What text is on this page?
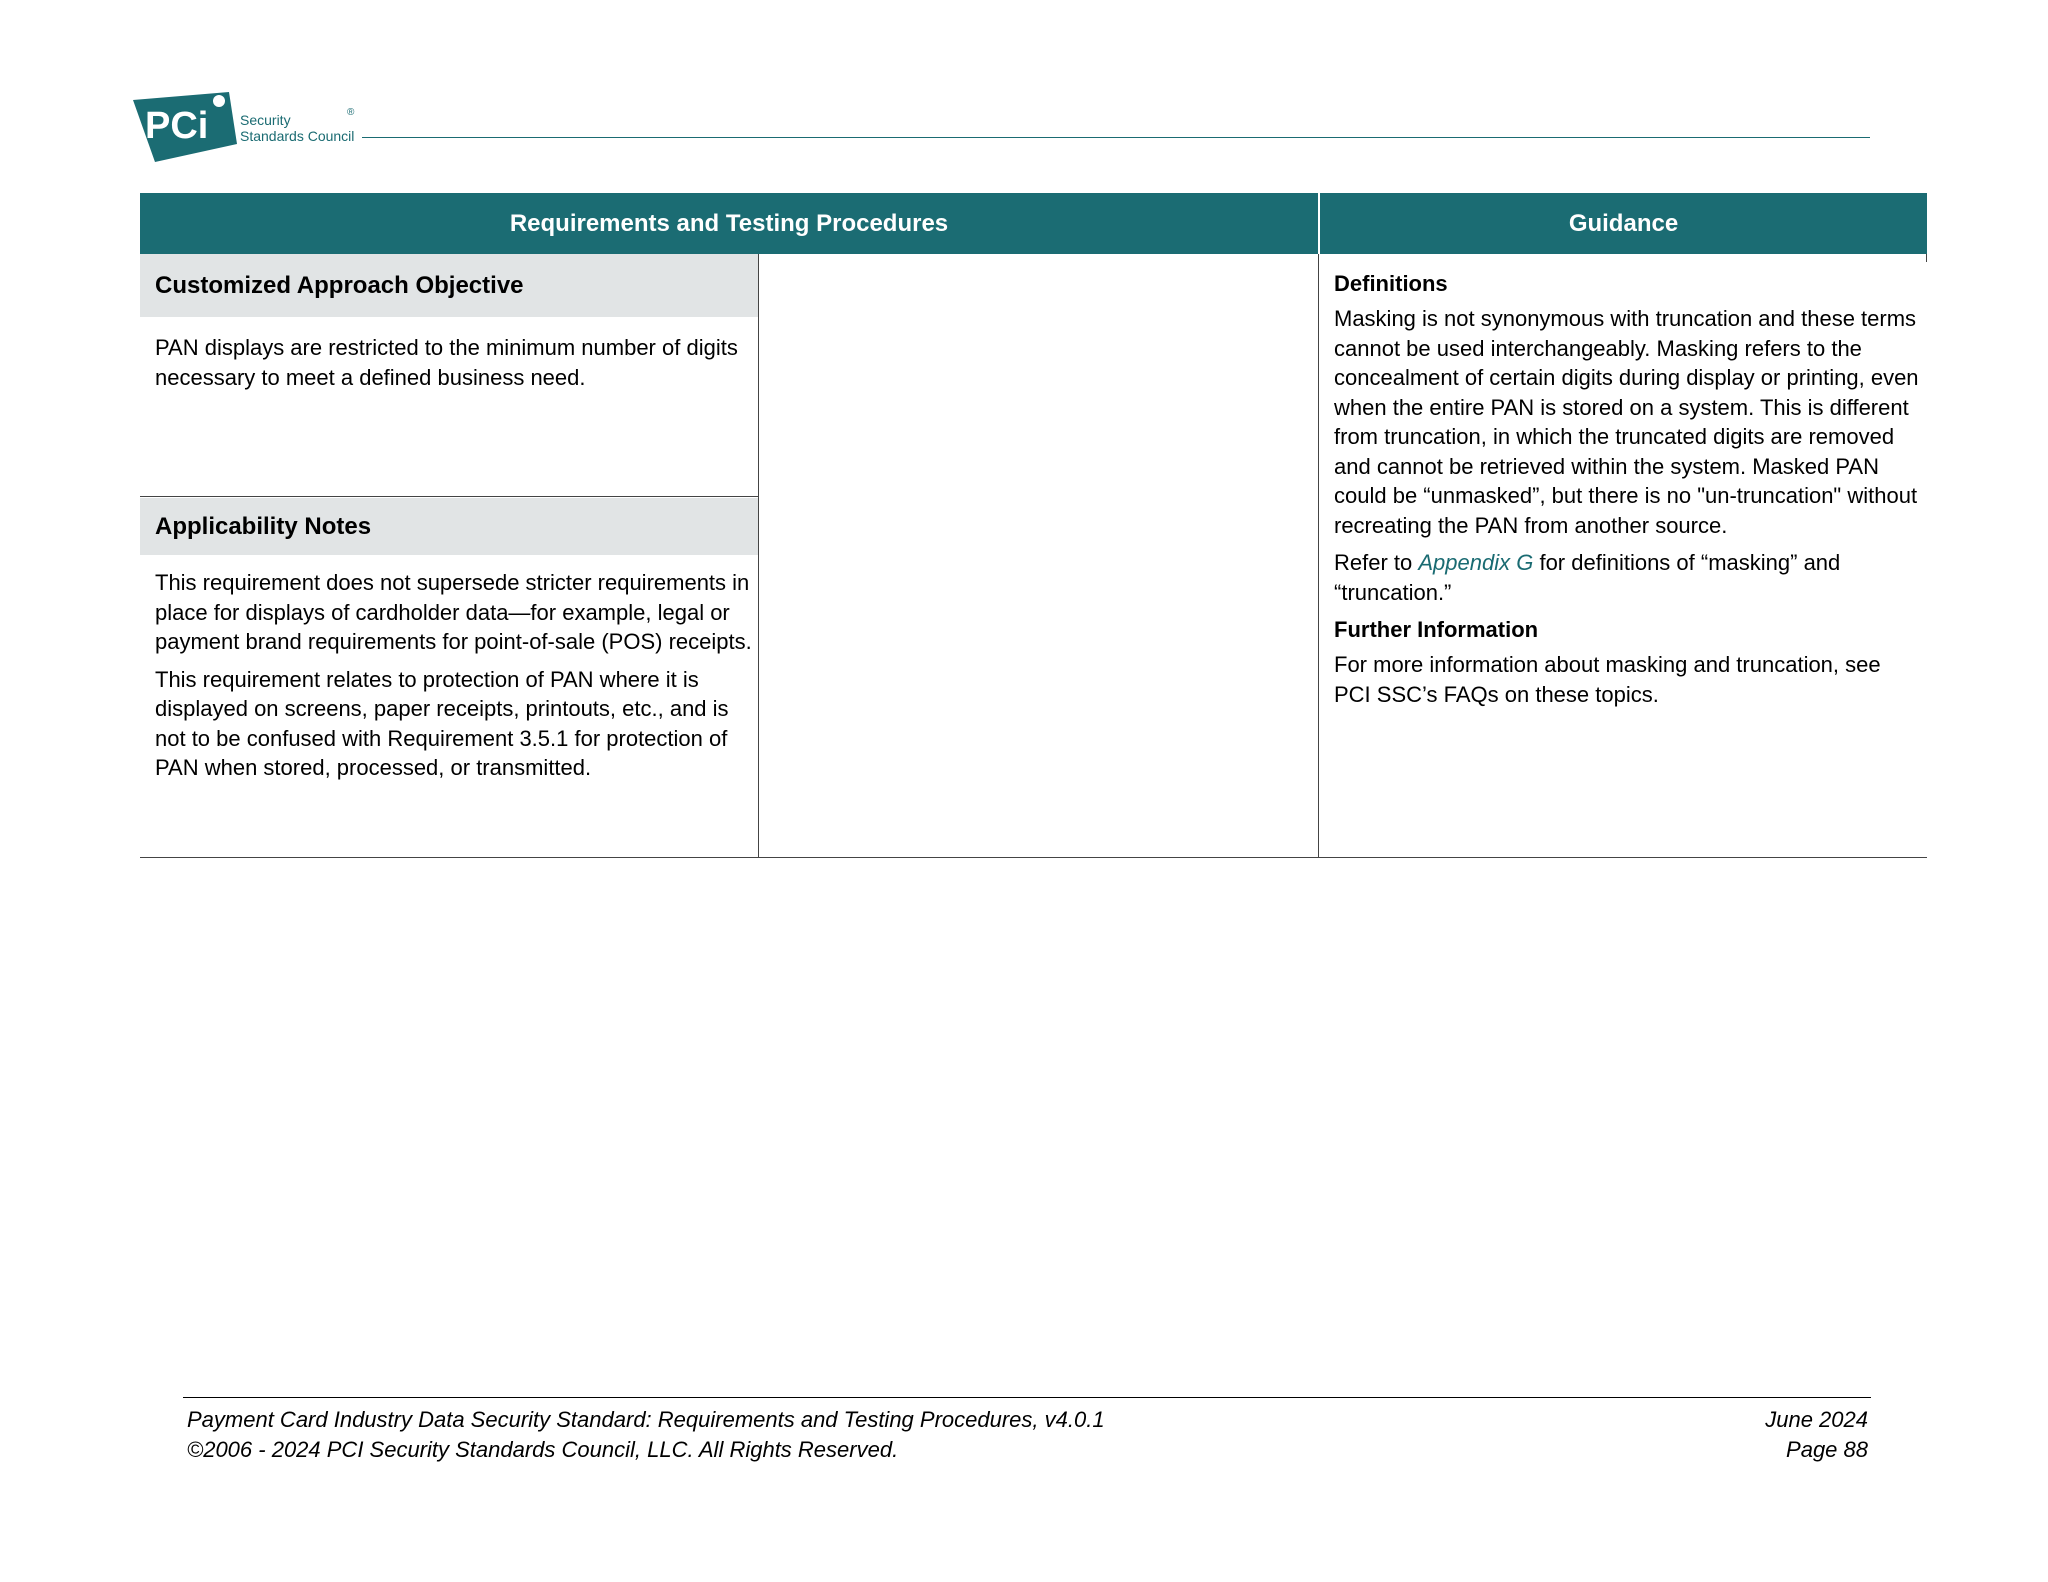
PCi Security
Standards Council
®
Requirements and Testing Procedures	Guidance
Customized Approach Objective

PAN displays are restricted to the minimum number of digits necessary to meet a defined business need.

Applicability Notes

This requirement does not supersede stricter requirements in place for displays of cardholder data—for example, legal or payment brand requirements for point-of-sale (POS) receipts.

This requirement relates to protection of PAN where it is displayed on screens, paper receipts, printouts, etc., and is not to be confused with Requirement 3.5.1 for protection of PAN when stored, processed, or transmitted.

Definitions

Masking is not synonymous with truncation and these terms cannot be used interchangeably. Masking refers to the concealment of certain digits during display or printing, even when the entire PAN is stored on a system. This is different from truncation, in which the truncated digits are removed and cannot be retrieved within the system. Masked PAN could be “unmasked”, but there is no "un-truncation" without recreating the PAN from another source.

Refer to Appendix G for definitions of “masking” and “truncation.”

Further Information

For more information about masking and truncation, see PCI SSC’s FAQs on these topics.

Payment Card Industry Data Security Standard: Requirements and Testing Procedures, v4.0.1
©2006 - 2024 PCI Security Standards Council, LLC. All Rights Reserved.
June 2024
Page 88
